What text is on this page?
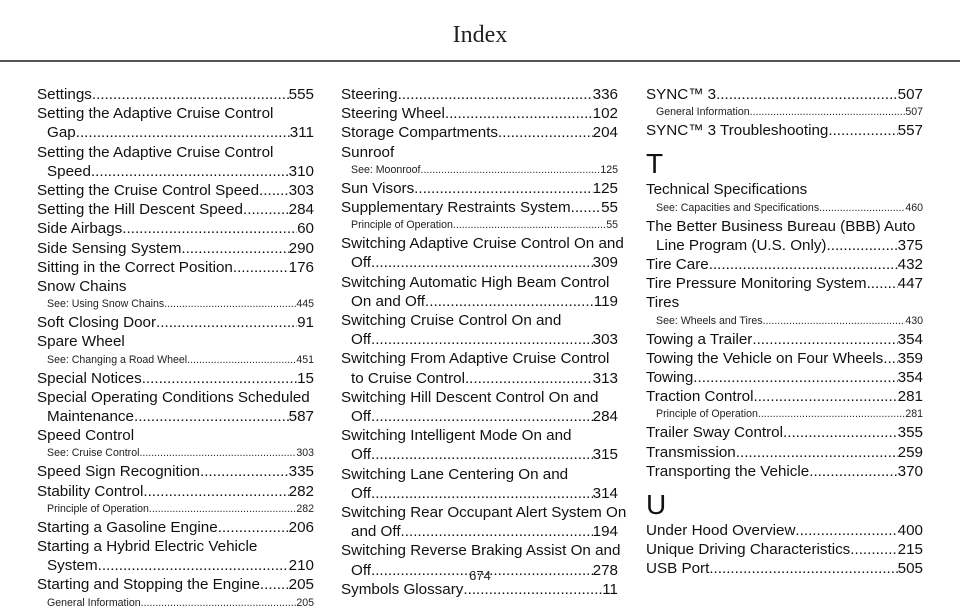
Index
Settings .....	555
Setting the Adaptive Cruise Control
Gap .....	311
Setting the Adaptive Cruise Control
Speed .....	310
Setting the Cruise Control Speed ..... 303
Setting the Hill Descent Speed .....	284
Side Airbags .....	60
Side Sensing System .....	290
Sitting in the Correct Position .....	176
Snow Chains
See: Using Snow Chains .....	445
Soft Closing Door .....	91
Spare Wheel
See: Changing a Road Wheel .....	451
Special Notices .....	15
Special Operating Conditions Scheduled
Maintenance .....	587
Speed Control
See: Cruise Control .....	303
Speed Sign Recognition .....	335
Stability Control .....	282
Principle of Operation .....	282
Starting a Gasoline Engine .....	206
Starting a Hybrid Electric Vehicle
System .....	210
Starting and Stopping the Engine ..... 205
General Information .....	205
Steering .....	336
Steering Wheel .....	102
Storage Compartments .....	204
Sunroof
See: Moonroof .....	125
Sun Visors .....	125
Supplementary Restraints System ..... 55
Principle of Operation .....	55
Switching Adaptive Cruise Control On and
Off .....	309
Switching Automatic High Beam Control
On and Off .....	119
Switching Cruise Control On and
Off .....	303
Switching From Adaptive Cruise Control
to Cruise Control .....	313
Switching Hill Descent Control On and
Off .....	284
Switching Intelligent Mode On and
Off .....	315
Switching Lane Centering On and
Off .....	314
Switching Rear Occupant Alert System On
and Off .....	194
Switching Reverse Braking Assist On and
Off .....	278
Symbols Glossary .....	11
SYNC™ 3 .....	507
General Information .....	507
SYNC™ 3 Troubleshooting .....	557
T
Technical Specifications
See: Capacities and Specifications .....	460
The Better Business Bureau (BBB) Auto
Line Program (U.S. Only) .....	375
Tire Care .....	432
Tire Pressure Monitoring System ..... 447
Tires
See: Wheels and Tires .....	430
Towing a Trailer .....	354
Towing the Vehicle on Four Wheels ..... 359
Towing .....	354
Traction Control .....	281
Principle of Operation .....	281
Trailer Sway Control .....	355
Transmission .....	259
Transporting the Vehicle .....	370
U
Under Hood Overview .....	400
Unique Driving Characteristics .....	215
USB Port .....	505
674
